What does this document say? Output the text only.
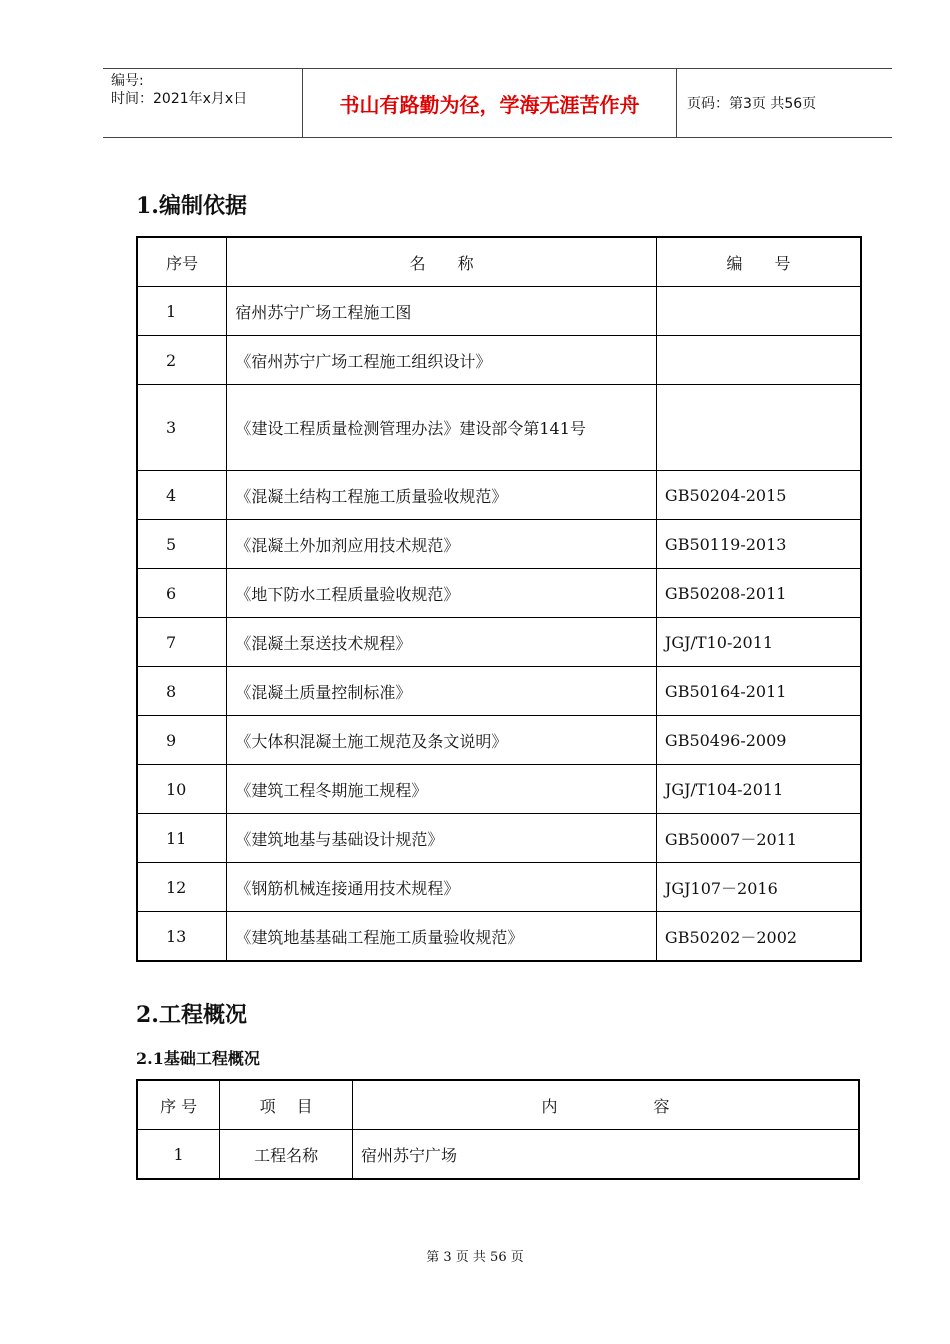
编号:
时间：2021年x月x日	书山有路勤为径，学海无涯苦作舟	页码：第3页 共56页
1.编制依据
序号	名　　称	编　　号
1	宿州苏宁广场工程施工图	
2	《宿州苏宁广场工程施工组织设计》	
3	《建设工程质量检测管理办法》建设部令第141号	
4	《混凝土结构工程施工质量验收规范》	GB50204-2015
5	《混凝土外加剂应用技术规范》	GB50119-2013
6	《地下防水工程质量验收规范》	GB50208-2011
7	《混凝土泵送技术规程》	JGJ/T10-2011
8	《混凝土质量控制标准》	GB50164-2011
9	《大体积混凝土施工规范及条文说明》	GB50496-2009
10	《建筑工程冬期施工规程》	JGJ/T104-2011
11	《建筑地基与基础设计规范》	GB50007－2011
12	《钢筋机械连接通用技术规程》	JGJ107－2016
13	《建筑地基基础工程施工质量验收规范》	GB50202－2002
2.工程概况
2.1基础工程概况
序 号	项　 目	内　　　　　　容
1	工程名称	宿州苏宁广场
第 3 页 共 56 页
